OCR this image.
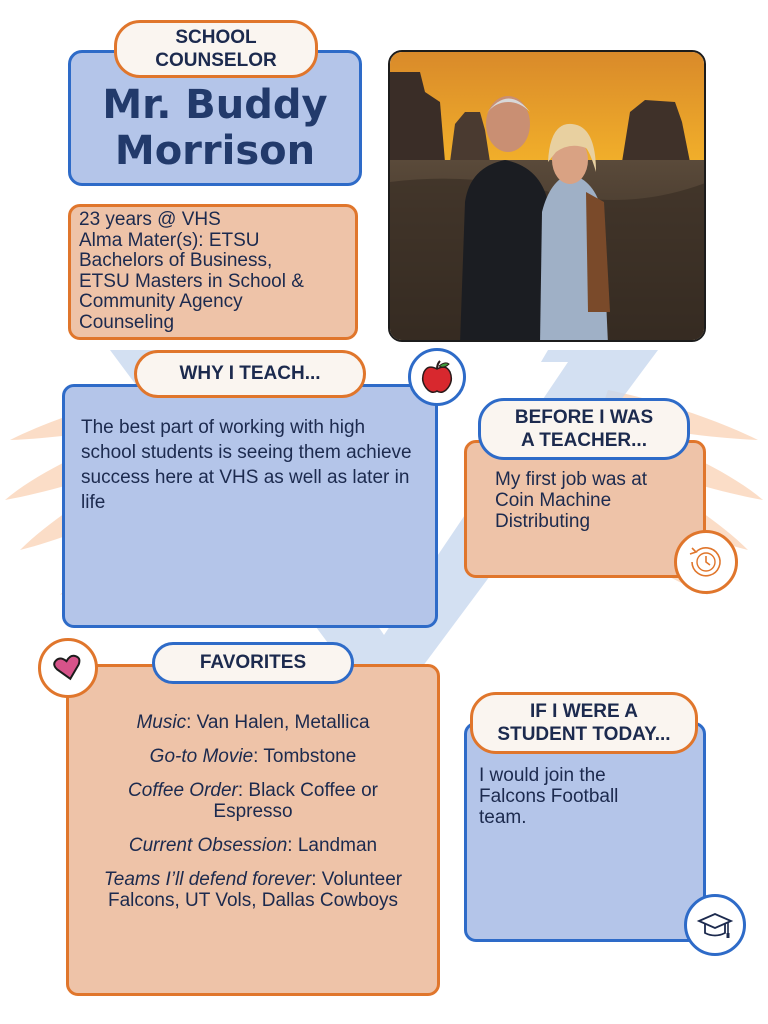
Mr. Buddy
Morrison
SCHOOL
COUNSELOR
23 years @ VHS
Alma Mater(s): ETSU
Bachelors of Business,
ETSU Masters in School &
Community Agency
Counseling
The best part of working with high school students is seeing them achieve success here at VHS as well as later in life
WHY I TEACH...
My first job was at Coin Machine Distributing
BEFORE I WAS
A TEACHER...
Music: Van Halen, Metallica
Go-to Movie: Tombstone
Coffee Order: Black Coffee or Espresso
Current Obsession: Landman
Teams I’ll defend forever: Volunteer Falcons, UT Vols, Dallas Cowboys
FAVORITES
I would join the Falcons Football team.
IF I WERE A
STUDENT TODAY...
